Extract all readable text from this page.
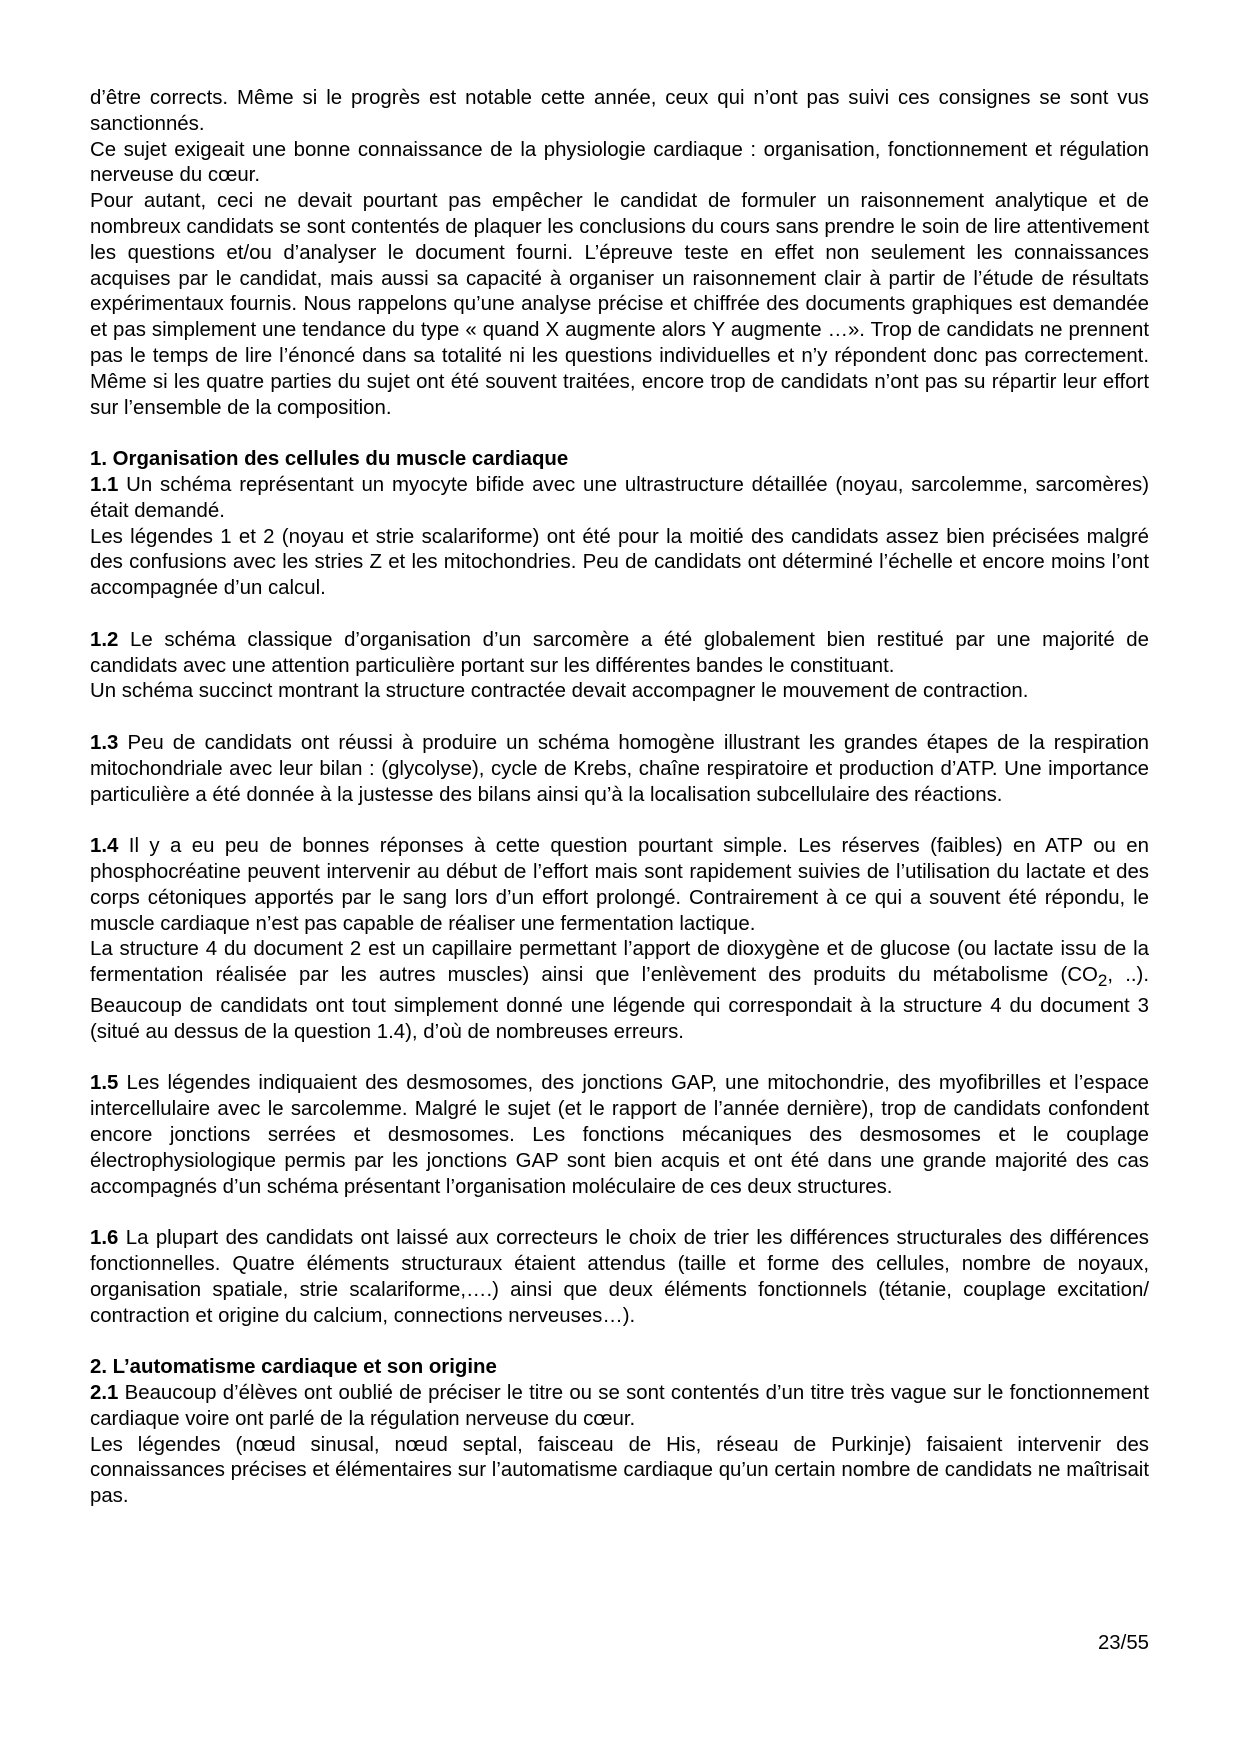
d’être corrects. Même si le progrès est notable cette année, ceux qui n’ont pas suivi ces consignes se sont vus sanctionnés.

Ce sujet exigeait une bonne connaissance de la physiologie cardiaque : organisation, fonctionnement et régulation nerveuse du cœur.

Pour autant, ceci ne devait pourtant pas empêcher le candidat de formuler un raisonnement analytique et de nombreux candidats se sont contentés de plaquer les conclusions du cours sans prendre le soin de lire attentivement les questions et/ou d’analyser le document fourni. L’épreuve teste en effet non seulement les connaissances acquises par le candidat, mais aussi sa capacité à organiser un raisonnement clair à partir de l’étude de résultats expérimentaux fournis. Nous rappelons qu’une analyse précise et chiffrée des documents graphiques est demandée et pas simplement une tendance du type « quand X augmente alors Y augmente …». Trop de candidats ne prennent pas le temps de lire l’énoncé dans sa totalité ni les questions individuelles et n’y répondent donc pas correctement. Même si les quatre parties du sujet ont été souvent traitées, encore trop de candidats n’ont pas su répartir leur effort sur l’ensemble de la composition.

1. Organisation des cellules du muscle cardiaque

1.1 Un schéma représentant un myocyte bifide avec une ultrastructure détaillée (noyau, sarcolemme, sarcomères) était demandé.

Les légendes 1 et 2 (noyau et strie scalariforme) ont été pour la moitié des candidats assez bien précisées malgré des confusions avec les stries Z et les mitochondries. Peu de candidats ont déterminé l’échelle et encore moins l’ont accompagnée d’un calcul.

1.2 Le schéma classique d’organisation d’un sarcomère a été globalement bien restitué par une majorité de candidats avec une attention particulière portant sur les différentes bandes le constituant.

Un schéma succinct montrant la structure contractée devait accompagner le mouvement de contraction.

1.3 Peu de candidats ont réussi à produire un schéma homogène illustrant les grandes étapes de la respiration mitochondriale avec leur bilan : (glycolyse), cycle de Krebs, chaîne respiratoire et production d’ATP. Une importance particulière a été donnée à la justesse des bilans ainsi qu’à la localisation subcellulaire des réactions.

1.4 Il y a eu peu de bonnes réponses à cette question pourtant simple. Les réserves (faibles) en ATP ou en phosphocréatine peuvent intervenir au début de l’effort mais sont rapidement suivies de l’utilisation du lactate et des corps cétoniques apportés par le sang lors d’un effort prolongé. Contrairement à ce qui a souvent été répondu, le muscle cardiaque n’est pas capable de réaliser une fermentation lactique.

La structure 4 du document 2 est un capillaire permettant l’apport de dioxygène et de glucose (ou lactate issu de la fermentation réalisée par les autres muscles) ainsi que l’enlèvement des produits du métabolisme ($CO_2$, ..). Beaucoup de candidats ont tout simplement donné une légende qui correspondait à la structure 4 du document 3 (situé au dessus de la question 1.4), d’où de nombreuses erreurs.

1.5 Les légendes indiquaient des desmosomes, des jonctions GAP, une mitochondrie, des myofibrilles et l’espace intercellulaire avec le sarcolemme. Malgré le sujet (et le rapport de l’année dernière), trop de candidats confondent encore jonctions serrées et desmosomes. Les fonctions mécaniques des desmosomes et le couplage électrophysiologique permis par les jonctions GAP sont bien acquis et ont été dans une grande majorité des cas accompagnés d’un schéma présentant l’organisation moléculaire de ces deux structures.

1.6 La plupart des candidats ont laissé aux correcteurs le choix de trier les différences structurales des différences fonctionnelles. Quatre éléments structuraux étaient attendus (taille et forme des cellules, nombre de noyaux, organisation spatiale, strie scalariforme,….) ainsi que deux éléments fonctionnels (tétanie, couplage excitation/ contraction et origine du calcium, connections nerveuses…).

2. L’automatisme cardiaque et son origine

2.1 Beaucoup d’élèves ont oublié de préciser le titre ou se sont contentés d’un titre très vague sur le fonctionnement cardiaque voire ont parlé de la régulation nerveuse du cœur.

Les légendes (nœud sinusal, nœud septal, faisceau de His, réseau de Purkinje) faisaient intervenir des connaissances précises et élémentaires sur l’automatisme cardiaque qu’un certain nombre de candidats ne maîtrisait pas.

23/55
